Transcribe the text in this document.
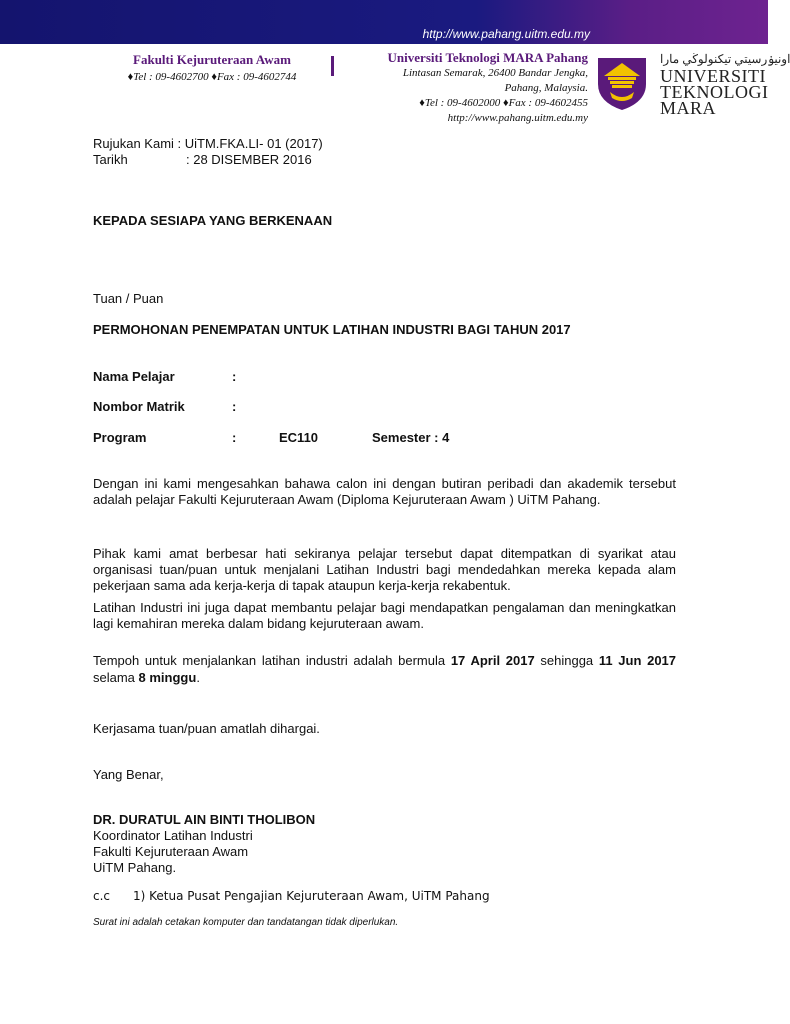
http://www.pahang.uitm.edu.my
Fakulti Kejuruteraan Awam
♦Tel : 09-4602700 ♦Fax : 09-4602744
Universiti Teknologi MARA Pahang
Lintasan Semarak, 26400 Bandar Jengka,
Pahang, Malaysia.
♦Tel : 09-4602000 ♦Fax : 09-4602455
http://www.pahang.uitm.edu.my
اونيۏرسيتي تيكنولوڬي مارا
UNIVERSITI
TEKNOLOGI
MARA
Rujukan Kami : UiTM.FKA.LI- 01 (2017)
Tarikh	: 28 DISEMBER 2016
KEPADA SESIAPA YANG BERKENAAN
Tuan / Puan
PERMOHONAN PENEMPATAN UNTUK LATIHAN INDUSTRI BAGI TAHUN 2017
Nama Pelajar	:
Nombor Matrik	:
Program	:	EC110	Semester : 4
Dengan ini kami mengesahkan bahawa calon ini dengan butiran peribadi dan akademik tersebut adalah pelajar Fakulti Kejuruteraan Awam (Diploma Kejuruteraan Awam ) UiTM Pahang.
Pihak kami amat berbesar hati sekiranya pelajar tersebut dapat ditempatkan di syarikat atau organisasi tuan/puan untuk menjalani Latihan Industri bagi mendedahkan mereka kepada alam pekerjaan sama ada kerja-kerja di tapak ataupun kerja-kerja rekabentuk.
Latihan Industri ini juga dapat membantu pelajar bagi mendapatkan pengalaman dan meningkatkan lagi kemahiran mereka dalam bidang kejuruteraan awam.
Tempoh untuk menjalankan latihan industri adalah bermula 17 April 2017 sehingga 11 Jun 2017 selama 8 minggu.
Kerjasama tuan/puan amatlah dihargai.
Yang Benar,
DR. DURATUL AIN BINTI THOLIBON
Koordinator Latihan Industri
Fakulti Kejuruteraan Awam
UiTM Pahang.
c.c 1) Ketua Pusat Pengajian Kejuruteraan Awam, UiTM Pahang
Surat ini adalah cetakan komputer dan tandatangan tidak diperlukan.
